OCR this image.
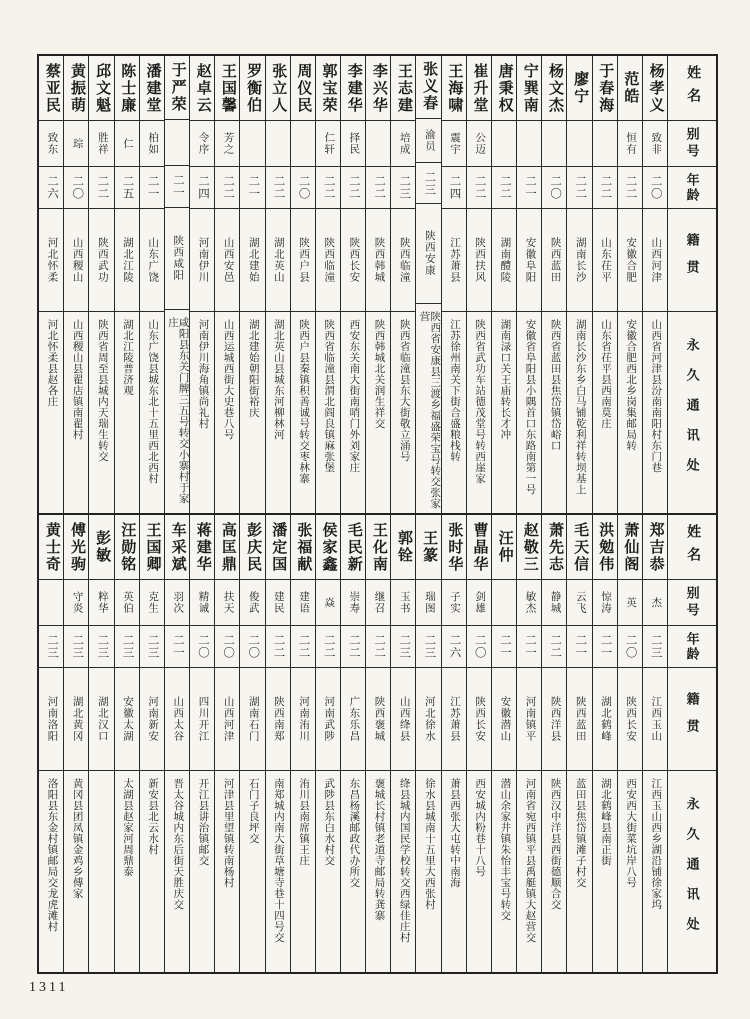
姓名
别号
年龄
籍贯
永久通讯处
杨孝义
致非
二〇
山西河津
山西省河津县汾南南阳村东门巷
范皓
恒有
二二
安徽合肥
安徽合肥西北乡岗集邮局转
于春海
二二
山东茌平
山东省茌平县西南莫庄
廖宁
二二
湖南长沙
湖南长沙东乡白马铺乾利祥转坝基上
杨文杰
二〇
陕西蓝田
陕西省蓝田县焦岱镇岱峪口
宁巽南
二一
安徽阜阳
安徽省阜阳县小隅首口东路南第一号
唐秉权
二二
湖南醴陵
湖南渌口关王庙转长才冲
崔升堂
公迈
二二
陕西扶风
陕西省武功车站德茂堂号转西崖家
王海啸
震宇
二四
江苏萧县
江苏徐州南关下街合盛粮栈转
张义春
渝员
二三
陕西安康
陕西省安康县三渡乡福盛荣宝号转交张家营
王志建
培成
二三
陕西临潼
陕西省临潼县东大街敬立涌号
李兴华
二二
陕西韩城
陕西韩城北关润生祥交
李建华
择民
二二
陕西长安
西安东关南大街南哨门外刘家庄
郭宝荣
仁轩
二二
陕西临潼
陕西省临潼县渭北阎良镇麻张堡
周仪民
二〇
陕西户县
陕西户县秦镇积善诚号转交枣林寨
张立人
二二
湖北英山
湖北英山县城东河柳林河
罗衡伯
二一
湖北建始
湖北建始朝阳街裕庆
王国馨
芳之
二二
山西安邑
山西运城西街大史巷八号
赵卓云
令序
二四
河南伊川
河南伊川海角镇尚礼村
于严荣
二一
陕西咸阳
咸阳县东关门牌三五号转交小寨村于家庄
潘建堂
柏如
二一
山东广饶
山东广饶县城东北十五里西北西村
陈士廉
仁
二五
湖北江陵
湖北江陵普济观
邱文魁
胜祥
二二
陕西武功
陕西省周至县城内天瑞生转交
黄振萌
琮
二〇
山西稷山
山西稷山县翟店镇南翟村
蔡亚民
致东
二六
河北怀柔
河北怀柔县赵各庄
姓名
别号
年龄
籍贯
永久通讯处
郑吉恭
杰
二三
江西玉山
江西玉山西乡湖沿铺徐家坞
萧仙阁
英
二〇
陕西长安
西安西大街菜坑岸八号
洪勉伟
惊涛
二一
湖北鹤峰
湖北鹤峰县南正街
毛天信
云飞
二一
陕西蓝田
蓝田县焦岱镇滩子村交
萧先志
静城
二二
陕西洋县
陕西汉中洋县西街德顺合交
赵敬三
敏杰
二一
河南镇平
河南省宛西镇平县禹艇镇大赵营交
汪仲
二一
安徽潜山
潜山余家井镇朱怡丰宝号转交
曹晶华
剑雄
二〇
陕西长安
西安城内粉巷十八号
张时华
子实
二六
江苏萧县
萧县西张大屯转中南海
王篆
瑞图
二三
河北徐水
徐水县城南十五里大西张村
郭铨
玉书
二三
山西绛县
绛县城内国民学校转交西绿佳庄村
王化南
继召
二二
陕西褒城
褒城长村镇老道寺邮局转龚寨
毛民新
崇寿
二二
广东乐昌
东昌杨溪邮政代办所交
侯家鑫
焱
二二
河南武陟
武陟县东白水村交
张福献
建语
二二
河南洧川
洧川县南席镇王庄
潘定国
建民
二二
陕西南郑
南郑城内南大街草塘寺巷十四号交
彭庆民
俊武
二〇
湖南石门
石门子良坪交
高匡鼎
扶天
二〇
山西河津
河津县里望镇转南杨村
蒋建华
精诚
二〇
四川开江
开江县讲治镇邮交
车采斌
羽次
二一
山西太谷
晋太谷城内东后街天胜庆交
王国卿
克生
二三
河南新安
新安县北云水村
汪勋铭
英伯
二三
安徽太湖
太湖县赵家河周鼎泰
彭敏
粹华
二三
湖北汉口
傅光驹
守炎
二三
湖北黄冈
黄冈县团凤镇金鸡乡傅家
黄士奇
二三
河南洛阳
洛阳县东金村镇邮局交龙虎滩村
1311
